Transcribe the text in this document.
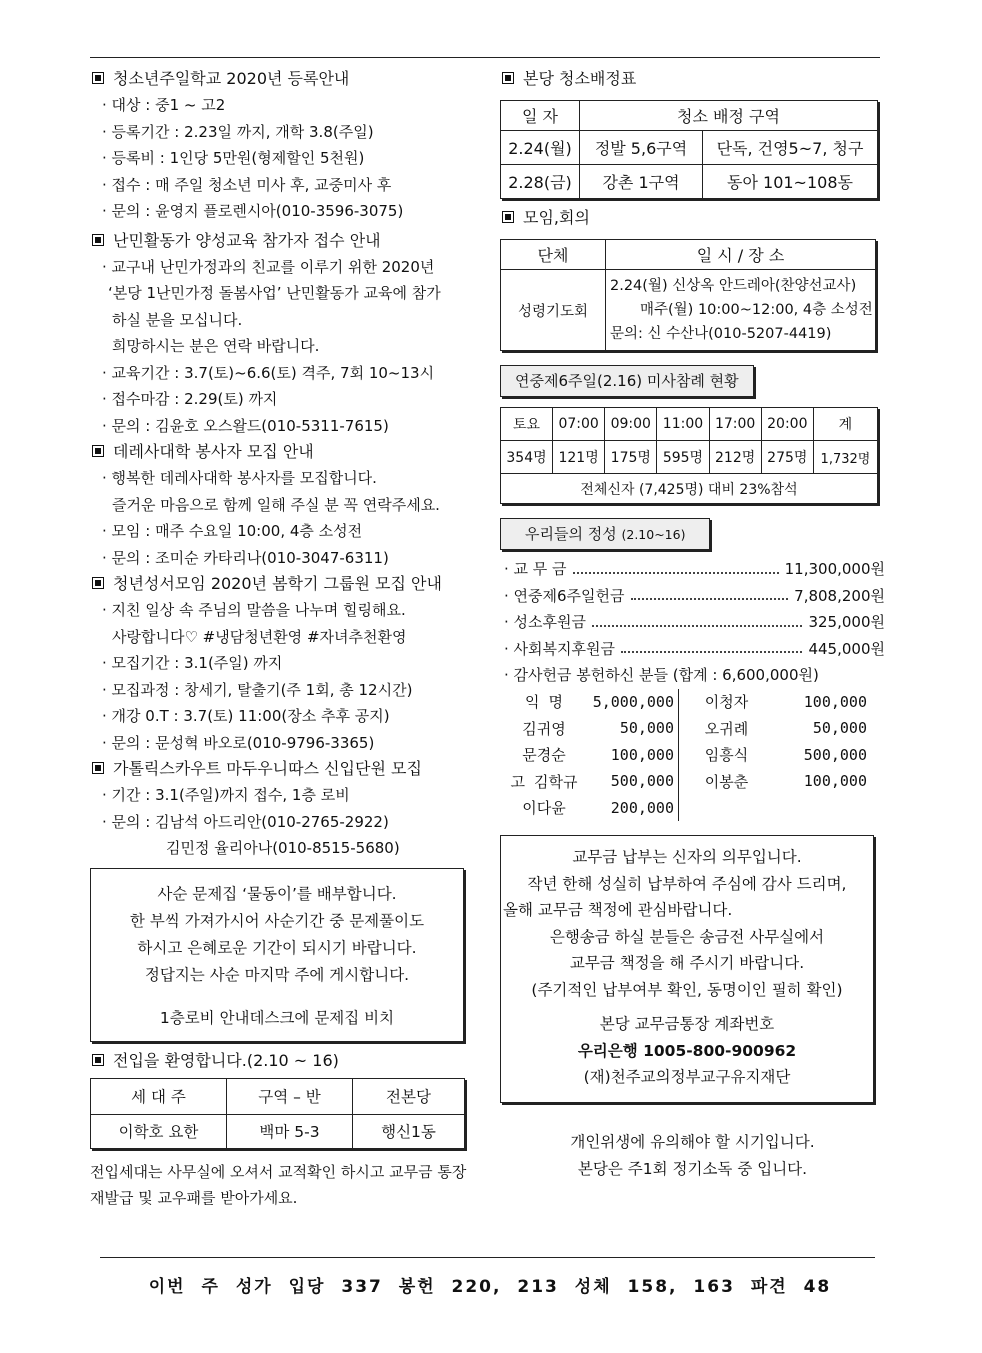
청소년주일학교 2020년 등록안내
· 대상 : 중1 ~ 고2
· 등록기간 : 2.23일 까지, 개학 3.8(주일)
· 등록비 : 1인당 5만원(형제할인 5천원)
· 접수 : 매 주일 청소년 미사 후, 교중미사 후
· 문의 : 윤영지 플로렌시아(010-3596-3075)
난민활동가 양성교육 참가자 접수 안내
· 교구내 난민가정과의 친교를 이루기 위한 2020년
‘본당 1난민가정 돌봄사업’ 난민활동가 교육에 참가
하실 분을 모십니다.
희망하시는 분은 연락 바랍니다.
· 교육기간 : 3.7(토)~6.6(토) 격주, 7회 10~13시
· 접수마감 : 2.29(토) 까지
· 문의 : 김윤호 오스왈드(010-5311-7615)
데레사대학 봉사자 모집 안내
· 행복한 데레사대학 봉사자를 모집합니다.
즐거운 마음으로 함께 일해 주실 분 꼭 연락주세요.
· 모임 : 매주 수요일 10:00, 4층 소성전
· 문의 : 조미순 카타리나(010-3047-6311)
청년성서모임 2020년 봄학기 그룹원 모집 안내
· 지친 일상 속 주님의 말씀을 나누며 힐링해요.
사랑합니다♡ #냉담청년환영 #자녀추천환영
· 모집기간 : 3.1(주일) 까지
· 모집과정 : 창세기, 탈출기(주 1회, 총 12시간)
· 개강 0.T : 3.7(토) 11:00(장소 추후 공지)
· 문의 : 문성혁 바오로(010-9796-3365)
가톨릭스카우트 마두우니따스 신입단원 모집
· 기간 : 3.1(주일)까지 접수, 1층 로비
· 문의 : 김남석 아드리안(010-2765-2922)
김민정 율리아나(010-8515-5680)
사순 문제집 ‘물동이’를 배부합니다.
한 부씩 가져가시어 사순기간 중 문제풀이도
하시고 은혜로운 기간이 되시기 바랍니다.
정답지는 사순 마지막 주에 게시합니다.
1층로비 안내데스크에 문제집 비치
전입을 환영합니다.(2.10 ~ 16)
세 대 주	구역 – 반	전본당
이학호 요한	백마 5-3	행신1동
전입세대는 사무실에 오셔서 교적확인 하시고 교무금 통장
재발급 및 교우패를 받아가세요.
본당 청소배정표
일 자	청소 배정 구역	
2.24(월)	정발 5,6구역	단독, 건영5~7, 청구
2.28(금)	강촌 1구역	동아 101~108동
모임,회의
단체	일 시 / 장 소
성령기도회	2.24(월) 신상옥 안드레아(찬양선교사)
매주(월) 10:00~12:00, 4층 소성전
문의: 신 수산나(010-5207-4419)
연중제6주일(2.16) 미사참례 현황
토요	07:00	09:00	11:00	17:00	20:00	계
354명	121명	175명	595명	212명	275명	1,732명
전체신자 (7,425명) 대비 23%참석						
우리들의 정성 (2.10~16)
· 교 무 금	11,300,000원
· 연중제6주일헌금	7,808,200원
· 성소후원금	325,000원
· 사회복지후원금	445,000원
· 감사헌금 봉헌하신 분들 (합계 : 6,600,000원)
익 명	5,000,000	이청자	100,000
김귀영	50,000	오귀례	50,000
문경순	100,000	임흥식	500,000
고 김학규	500,000	이봉춘	100,000
이다윤	200,000		
교무금 납부는 신자의 의무입니다.
작년 한해 성실히 납부하여 주심에 감사 드리며,
올해 교무금 책정에 관심바랍니다.
은행송금 하실 분들은 송금전 사무실에서
교무금 책정을 해 주시기 바랍니다.
(주기적인 납부여부 확인, 동명이인 필히 확인)
본당 교무금통장 계좌번호
우리은행 1005-800-900962
(재)천주교의정부교구유지재단
개인위생에 유의해야 할 시기입니다.
본당은 주1회 정기소독 중 입니다.
이번 주 성가 입당 337 봉헌 220, 213 성체 158, 163 파견 48
